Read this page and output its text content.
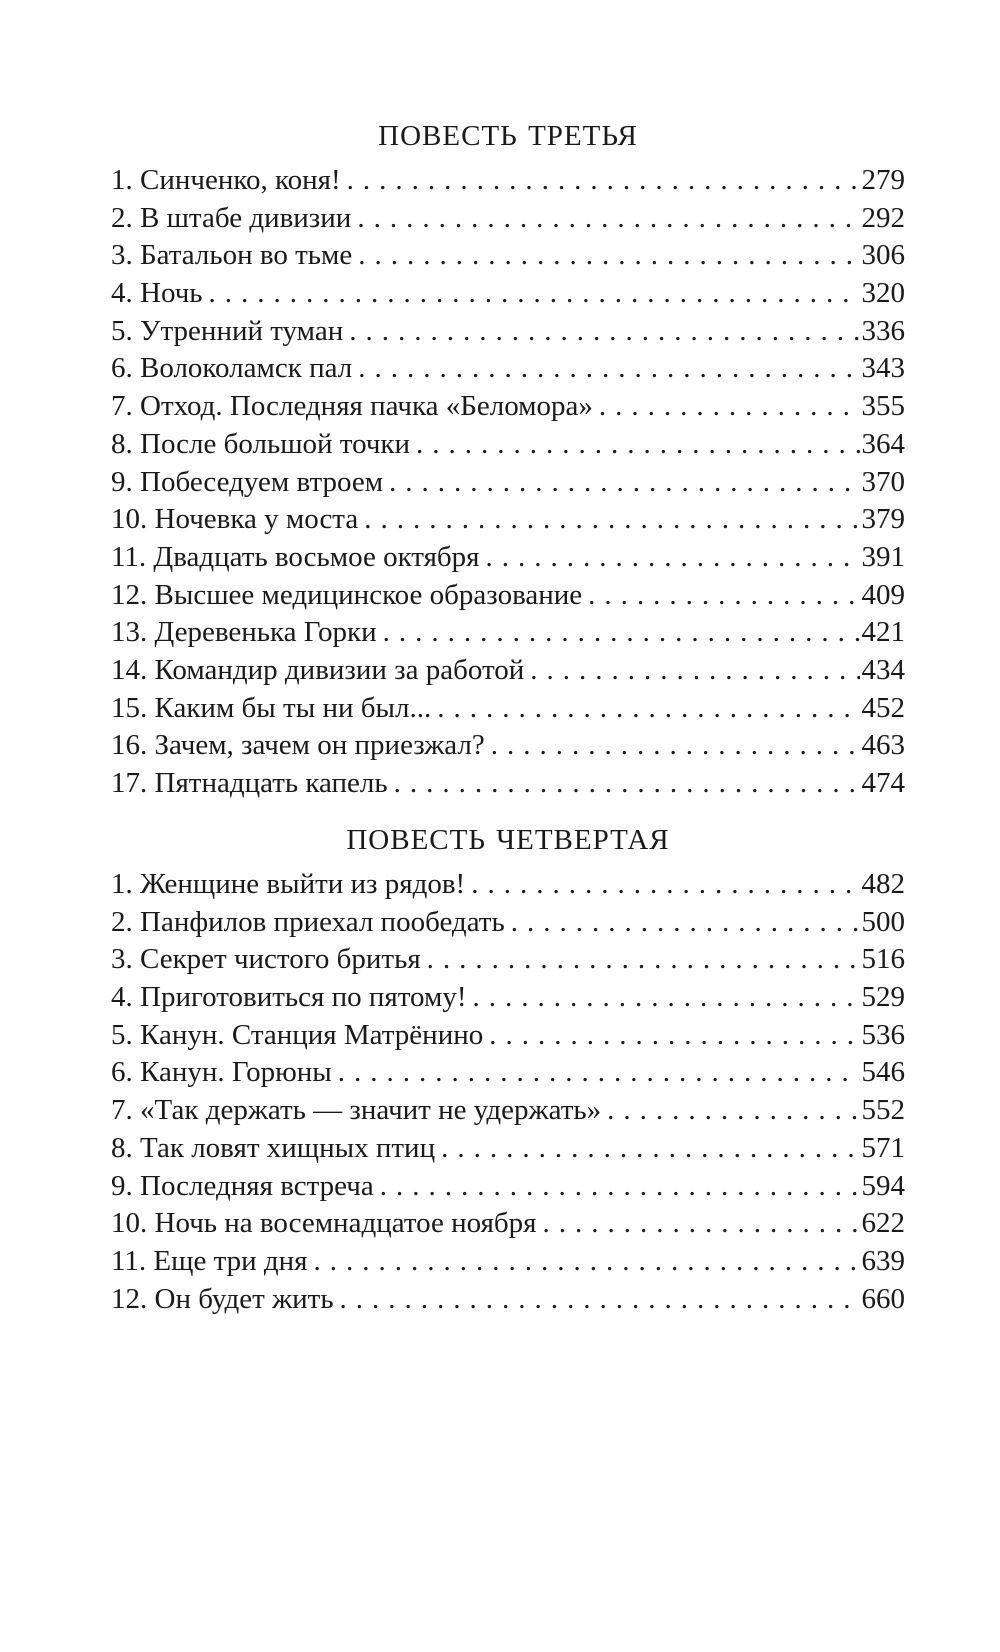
ПОВЕСТЬ ТРЕТЬЯ
1. Синченко, коня! .....	279
2. В штабе дивизии .....	292
3. Батальон во тьме .....	306
4. Ночь .....	320
5. Утренний туман .....	336
6. Волоколамск пал .....	343
7. Отход. Последняя пачка «Беломора» .....	355
8. После большой точки .....	364
9. Побеседуем втроем .....	370
10. Ночевка у моста .....	379
11. Двадцать восьмое октября .....	391
12. Высшее медицинское образование .....	409
13. Деревенька Горки .....	421
14. Командир дивизии за работой .....	434
15. Каким бы ты ни был... .....	452
16. Зачем, зачем он приезжал? .....	463
17. Пятнадцать капель .....	474
ПОВЕСТЬ ЧЕТВЕРТАЯ
1. Женщине выйти из рядов! .....	482
2. Панфилов приехал пообедать .....	500
3. Секрет чистого бритья .....	516
4. Приготовиться по пятому! .....	529
5. Канун. Станция Матрёнино .....	536
6. Канун. Горюны .....	546
7. «Так держать — значит не удержать» .....	552
8. Так ловят хищных птиц .....	571
9. Последняя встреча .....	594
10. Ночь на восемнадцатое ноября .....	622
11. Еще три дня .....	639
12. Он будет жить .....	660
